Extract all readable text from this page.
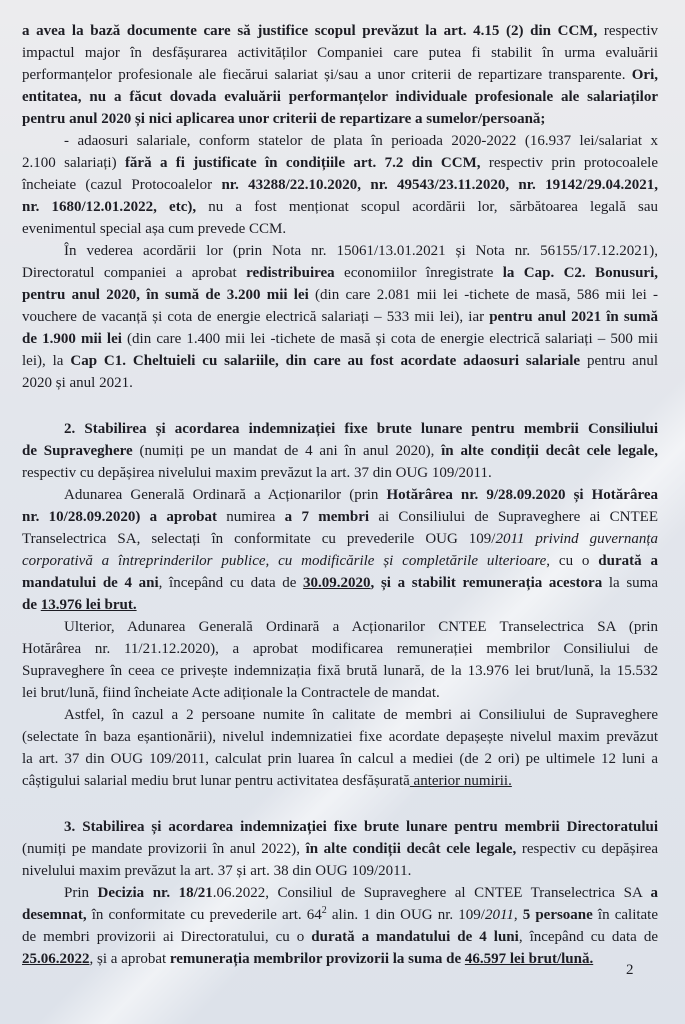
a avea la bază documente care să justifice scopul prevăzut la art. 4.15 (2) din CCM, respectiv
impactul major în desfășurarea activităților Companiei care putea fi stabilit în urma evaluării
performanțelor profesionale ale fiecărui salariat și/sau a unor criterii de repartizare transparente. Ori,
entitatea, nu a făcut dovada evaluării performanțelor individuale profesionale ale salariaților
pentru anul 2020 și nici aplicarea unor criterii de repartizare a sumelor/persoană;
- adaosuri salariale, conform statelor de plata în perioada 2020-2022 (16.937 lei/salariat x
2.100 salariați) fără a fi justificate în condițiile art. 7.2 din CCM, respectiv prin protocoalele
încheiate (cazul Protocoalelor nr. 43288/22.10.2020, nr. 49543/23.11.2020, nr. 19142/29.04.2021,
nr. 1680/12.01.2022, etc), nu a fost menționat scopul acordării lor, sărbătoarea legală sau
evenimentul special așa cum prevede CCM.
În vederea acordării lor (prin Nota nr. 15061/13.01.2021 și Nota nr. 56155/17.12.2021),
Directoratul companiei a aprobat redistribuirea economiilor înregistrate la Cap. C2. Bonusuri,
pentru anul 2020, în sumă de 3.200 mii lei (din care 2.081 mii lei -tichete de masă, 586 mii lei -
vouchere de vacanță și cota de energie electrică salariați – 533 mii lei), iar pentru anul 2021 în sumă
de 1.900 mii lei (din care 1.400 mii lei -tichete de masă și cota de energie electrică salariați – 500 mii
lei), la Cap C1. Cheltuieli cu salariile, din care au fost acordate adaosuri salariale pentru anul
2020 și anul 2021.
2. Stabilirea și acordarea indemnizației fixe brute lunare pentru membrii Consiliului
de Supraveghere (numiți pe un mandat de 4 ani în anul 2020), în alte condiții decât cele legale,
respectiv cu depășirea nivelului maxim prevăzut la art. 37 din OUG 109/2011.
Adunarea Generală Ordinară a Acționarilor (prin Hotărârea nr. 9/28.09.2020 și Hotărârea
nr. 10/28.09.2020) a aprobat numirea a 7 membri ai Consiliului de Supraveghere ai CNTEE
Transelectrica SA, selectați în conformitate cu prevederile OUG 109/2011 privind guvernanța
corporativă a întreprinderilor publice, cu modificările și completările ulterioare, cu o durată a
mandatului de 4 ani, începând cu data de 30.09.2020, și a stabilit remunerația acestora la suma
de 13.976 lei brut.
Ulterior, Adunarea Generală Ordinară a Acționarilor CNTEE Transelectrica SA (prin
Hotărârea nr. 11/21.12.2020), a aprobat modificarea remunerației membrilor Consiliului de
Supraveghere în ceea ce privește indemnizația fixă brută lunară, de la 13.976 lei brut/lună, la 15.532
lei brut/lună, fiind încheiate Acte adiționale la Contractele de mandat.
Astfel, în cazul a 2 persoane numite în calitate de membri ai Consiliului de Supraveghere
(selectate în baza eșantionării), nivelul indemnizatiei fixe acordate depașește nivelul maxim prevăzut
la art. 37 din OUG 109/2011, calculat prin luarea în calcul a mediei (de 2 ori) pe ultimele 12 luni a
câștigului salarial mediu brut lunar pentru activitatea desfășurată anterior numirii.
3. Stabilirea și acordarea indemnizației fixe brute lunare pentru membrii Directoratului
(numiți pe mandate provizorii în anul 2022), în alte condiții decât cele legale, respectiv cu depășirea
nivelului maxim prevăzut la art. 37 și art. 38 din OUG 109/2011.
Prin Decizia nr. 18/21.06.2022, Consiliul de Supraveghere al CNTEE Transelectrica SA a
desemnat, în conformitate cu prevederile art. $64^2$ alin. 1 din OUG nr. 109/2011, 5 persoane în calitate
de membri provizorii ai Directoratului, cu o durată a mandatului de 4 luni, începând cu data de
25.06.2022, și a aprobat remunerația membrilor provizorii la suma de 46.597 lei brut/lună.
2
